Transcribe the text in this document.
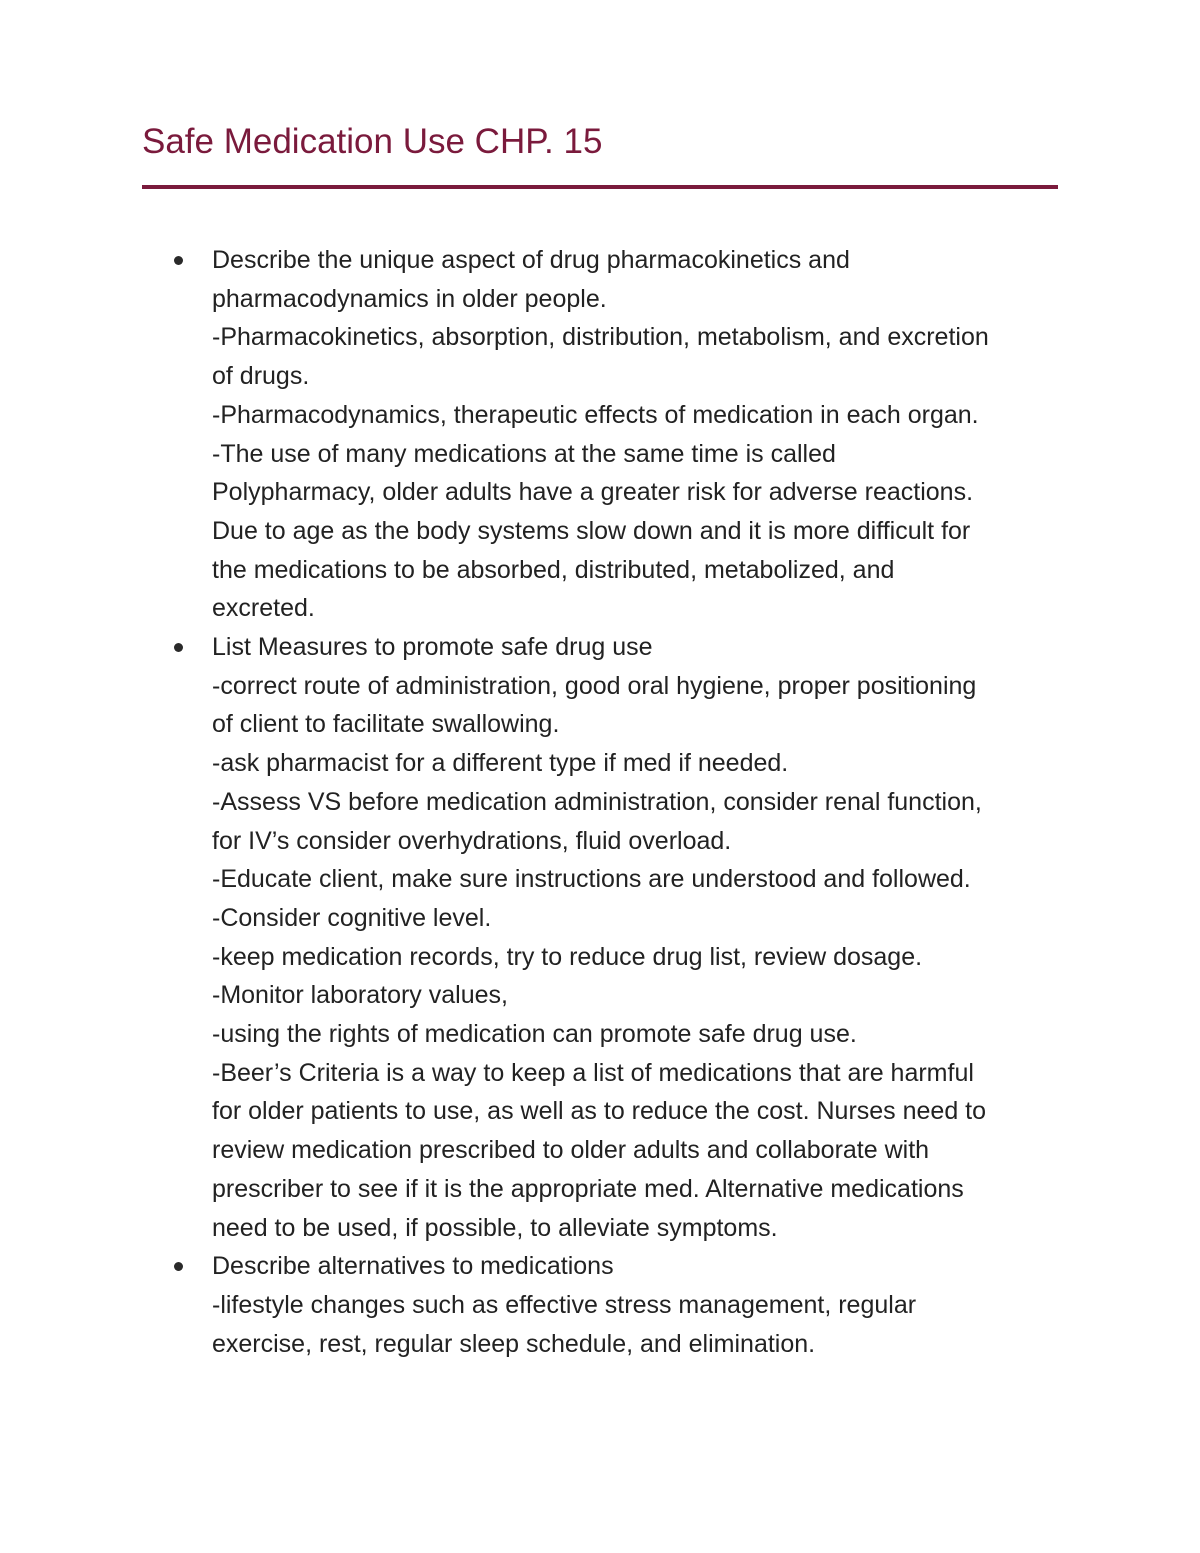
Safe Medication Use CHP. 15
Describe the unique aspect of drug pharmacokinetics and
pharmacodynamics in older people.
-Pharmacokinetics, absorption, distribution, metabolism, and excretion
of drugs.
-Pharmacodynamics, therapeutic effects of medication in each organ.
-The use of many medications at the same time is called
Polypharmacy, older adults have a greater risk for adverse reactions.
Due to age as the body systems slow down and it is more difficult for
the medications to be absorbed, distributed, metabolized, and
excreted.
List Measures to promote safe drug use
-correct route of administration, good oral hygiene, proper positioning
of client to facilitate swallowing.
-ask pharmacist for a different type if med if needed.
-Assess VS before medication administration, consider renal function,
for IV’s consider overhydrations, fluid overload.
-Educate client, make sure instructions are understood and followed.
-Consider cognitive level.
-keep medication records, try to reduce drug list, review dosage.
-Monitor laboratory values,
-using the rights of medication can promote safe drug use.
-Beer’s Criteria is a way to keep a list of medications that are harmful
for older patients to use, as well as to reduce the cost. Nurses need to
review medication prescribed to older adults and collaborate with
prescriber to see if it is the appropriate med. Alternative medications
need to be used, if possible, to alleviate symptoms.
Describe alternatives to medications
-lifestyle changes such as effective stress management, regular
exercise, rest, regular sleep schedule, and elimination.
